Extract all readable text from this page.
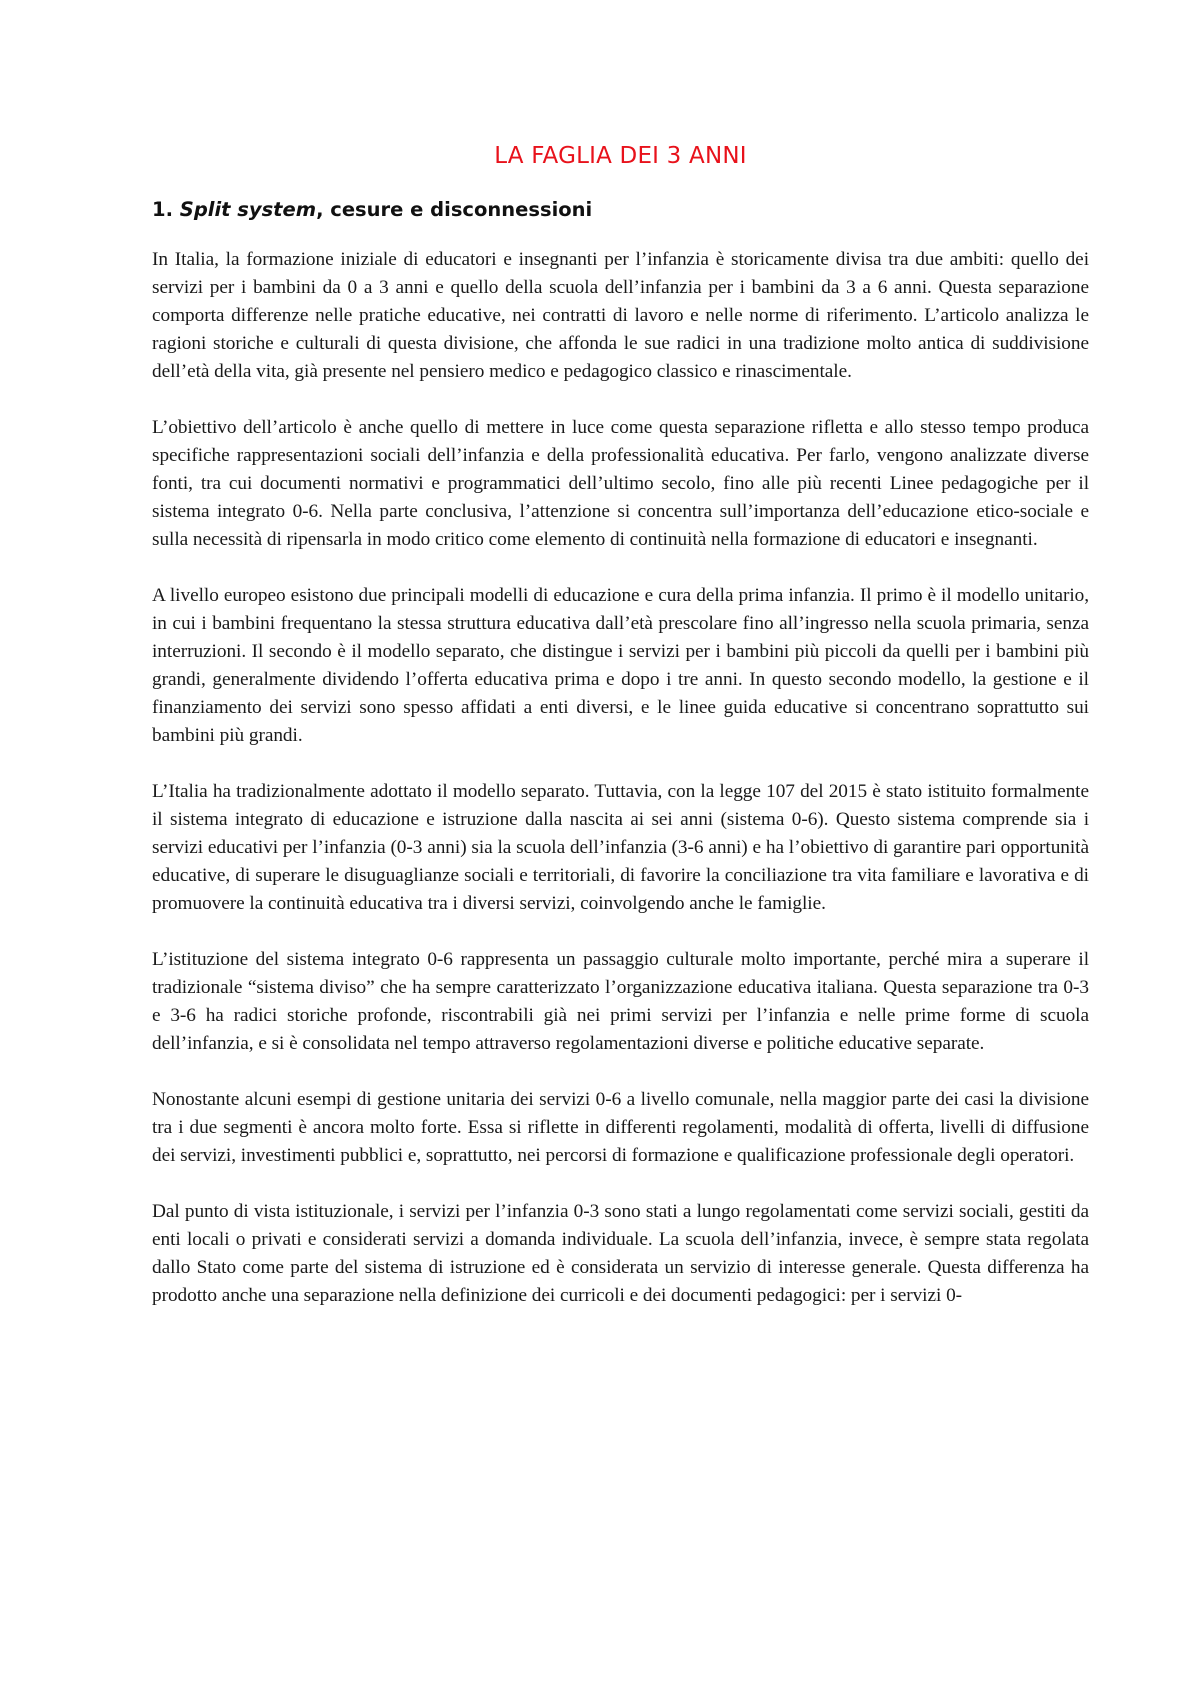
LA FAGLIA DEI 3 ANNI
1. Split system, cesure e disconnessioni

In Italia, la formazione iniziale di educatori e insegnanti per l’infanzia è storicamente divisa tra due ambiti: quello dei servizi per i bambini da 0 a 3 anni e quello della scuola dell’infanzia per i bambini da 3 a 6 anni. Questa separazione comporta differenze nelle pratiche educative, nei contratti di lavoro e nelle norme di riferimento. L’articolo analizza le ragioni storiche e culturali di questa divisione, che affonda le sue radici in una tradizione molto antica di suddivisione dell’età della vita, già presente nel pensiero medico e pedagogico classico e rinascimentale.

L’obiettivo dell’articolo è anche quello di mettere in luce come questa separazione rifletta e allo stesso tempo produca specifiche rappresentazioni sociali dell’infanzia e della professionalità educativa. Per farlo, vengono analizzate diverse fonti, tra cui documenti normativi e programmatici dell’ultimo secolo, fino alle più recenti Linee pedagogiche per il sistema integrato 0-6. Nella parte conclusiva, l’attenzione si concentra sull’importanza dell’educazione etico-sociale e sulla necessità di ripensarla in modo critico come elemento di continuità nella formazione di educatori e insegnanti.

A livello europeo esistono due principali modelli di educazione e cura della prima infanzia. Il primo è il modello unitario, in cui i bambini frequentano la stessa struttura educativa dall’età prescolare fino all’ingresso nella scuola primaria, senza interruzioni. Il secondo è il modello separato, che distingue i servizi per i bambini più piccoli da quelli per i bambini più grandi, generalmente dividendo l’offerta educativa prima e dopo i tre anni. In questo secondo modello, la gestione e il finanziamento dei servizi sono spesso affidati a enti diversi, e le linee guida educative si concentrano soprattutto sui bambini più grandi.

L’Italia ha tradizionalmente adottato il modello separato. Tuttavia, con la legge 107 del 2015 è stato istituito formalmente il sistema integrato di educazione e istruzione dalla nascita ai sei anni (sistema 0-6). Questo sistema comprende sia i servizi educativi per l’infanzia (0-3 anni) sia la scuola dell’infanzia (3-6 anni) e ha l’obiettivo di garantire pari opportunità educative, di superare le disuguaglianze sociali e territoriali, di favorire la conciliazione tra vita familiare e lavorativa e di promuovere la continuità educativa tra i diversi servizi, coinvolgendo anche le famiglie.

L’istituzione del sistema integrato 0-6 rappresenta un passaggio culturale molto importante, perché mira a superare il tradizionale “sistema diviso” che ha sempre caratterizzato l’organizzazione educativa italiana. Questa separazione tra 0-3 e 3-6 ha radici storiche profonde, riscontrabili già nei primi servizi per l’infanzia e nelle prime forme di scuola dell’infanzia, e si è consolidata nel tempo attraverso regolamentazioni diverse e politiche educative separate.

Nonostante alcuni esempi di gestione unitaria dei servizi 0-6 a livello comunale, nella maggior parte dei casi la divisione tra i due segmenti è ancora molto forte. Essa si riflette in differenti regolamenti, modalità di offerta, livelli di diffusione dei servizi, investimenti pubblici e, soprattutto, nei percorsi di formazione e qualificazione professionale degli operatori.

Dal punto di vista istituzionale, i servizi per l’infanzia 0-3 sono stati a lungo regolamentati come servizi sociali, gestiti da enti locali o privati e considerati servizi a domanda individuale. La scuola dell’infanzia, invece, è sempre stata regolata dallo Stato come parte del sistema di istruzione ed è considerata un servizio di interesse generale. Questa differenza ha prodotto anche una separazione nella definizione dei curricoli e dei documenti pedagogici: per i servizi 0-
